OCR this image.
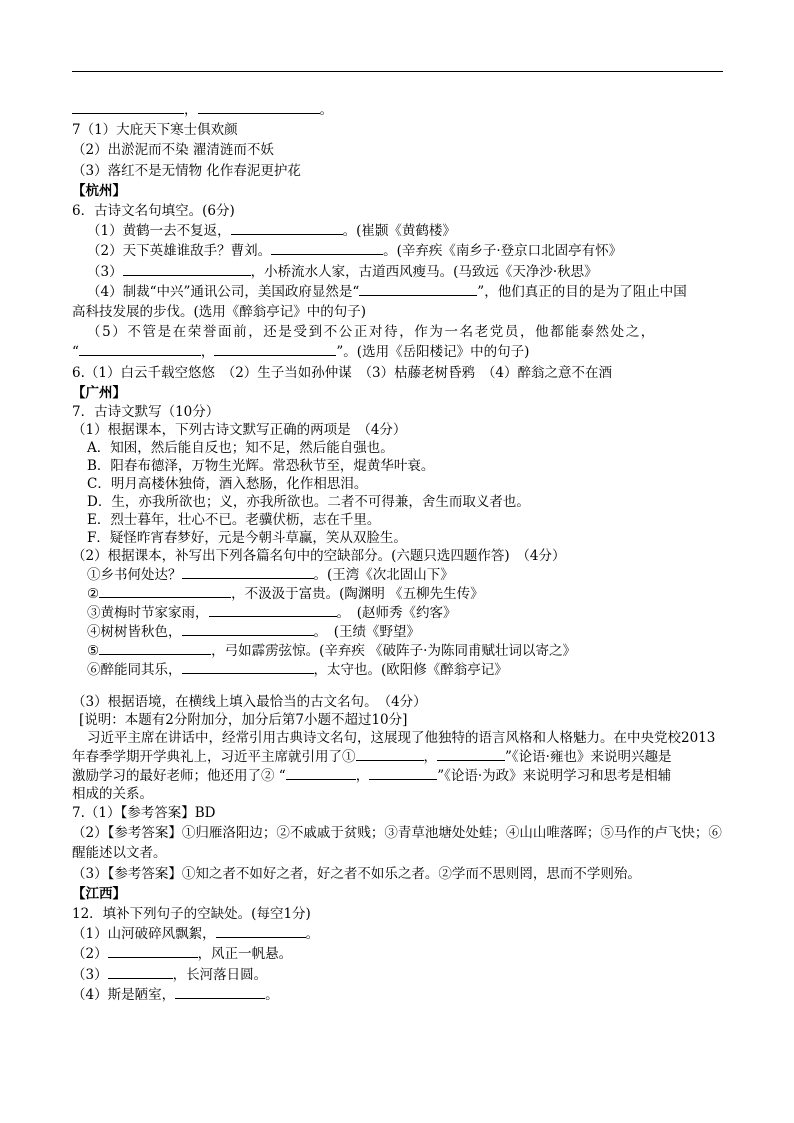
，	。

7（1）大庇天下寒士俱欢颜

（2）出淤泥而不染 濯清涟而不妖

（3）落红不是无情物 化作春泥更护花

【杭州】

6．古诗文名句填空。(6分)

（1）黄鹤一去不复返，	。(崔颢《黄鹤楼》

（2）天下英雄谁敌手？曹刘。	。(辛弃疾《南乡子·登京口北固亭有怀》

（3）	，小桥流水人家，古道西风瘦马。(马致远《天净沙·秋思》

（4）制裁“中兴”通讯公司，美国政府显然是“	”，他们真正的目的是为了阻止中国

高科技发展的步伐。(选用《醉翁亭记》中的句子)

（5）不管是在荣誉面前，还是受到不公正对待，作为一名老党员，他都能泰然处之，

“	，	”。(选用《岳阳楼记》中的句子)

6.（1）白云千载空悠悠　（2）生子当如孙仲谋　（3）枯藤老树昏鸦　（4）醉翁之意不在酒

【广州】

7．古诗文默写（10分）

（1）根据课本，下列古诗文默写正确的两项是　（4分）

A．知困，然后能自反也；知不足，然后能自强也。

B．阳春布德泽，万物生光辉。常恐秋节至，焜黄华叶衰。

C．明月高楼休独倚，酒入愁肠，化作相思泪。

D．生，亦我所欲也；义，亦我所欲也。二者不可得兼，舍生而取义者也。

E．烈士暮年，壮心不已。老骥伏枥，志在千里。

F．疑怪昨宵春梦好，元是今朝斗草赢，笑从双脸生。

（2）根据课本，补写出下列各篇名句中的空缺部分。(六题只选四题作答)　（4分）

①乡书何处达？	。(王湾《次北固山下》

②	，不汲汲于富贵。(陶渊明 《五柳先生传》

③黄梅时节家家雨，	。　(赵师秀《约客》

④树树皆秋色，	。　(王绩《野望》

⑤	，弓如霹雳弦惊。(辛弃疾 《破阵子·为陈同甫赋壮词以寄之》

⑥醉能同其乐，	，太守也。(欧阳修《醉翁亭记》

（3）根据语境，在横线上填入最恰当的古文名句。　（4分）

[说明：本题有2分附加分，加分后第7小题不超过10分]

习近平主席在讲话中，经常引用古典诗文名句，这展现了他独特的语言风格和人格魅力。在中央党校2013

年春季学期开学典礼上，习近平主席就引用了①	，	”《论语·雍也》来说明兴趣是

激励学习的最好老师；他还用了② “	，	”《论语·为政》来说明学习和思考是相辅

相成的关系。

7.（1）【参考答案】BD

（2）【参考答案】①归雁洛阳边；②不戚戚于贫贱；③青草池塘处处蛙；④山山唯落晖；⑤马作的卢飞快；⑥

醒能述以文者。

（3）【参考答案】①知之者不如好之者，好之者不如乐之者。②学而不思则罔，思而不学则殆。

【江西】

12．填补下列句子的空缺处。(每空1分)

（1）山河破碎风飘絮，	。

（2）	，风正一帆悬。

（3）	，长河落日圆。

（4）斯是陋室，	。
